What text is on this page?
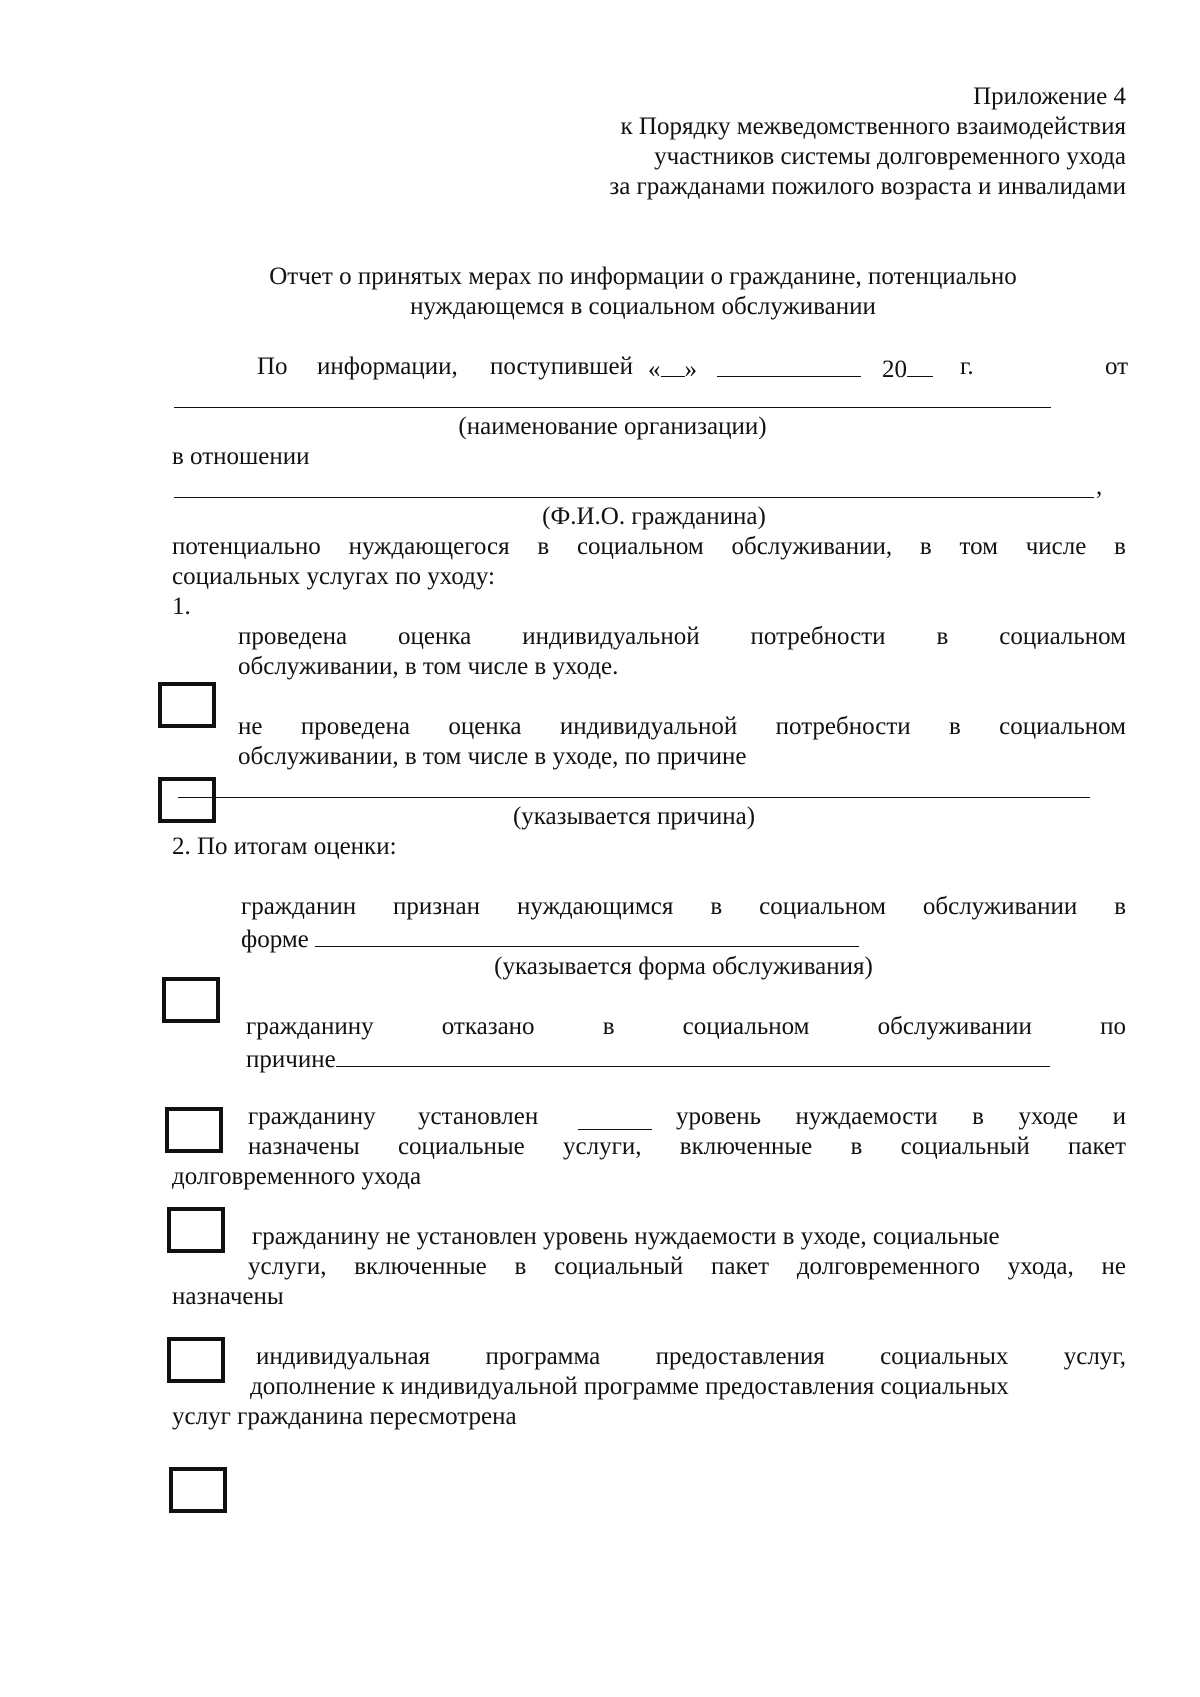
Приложение 4
к Порядку межведомственного взаимодействия
участников системы долговременного ухода
за гражданами пожилого возраста и инвалидами
Отчет о принятых мерах по информации о гражданине, потенциально
нуждающемся в социальном обслуживании
По информации, поступившей « »	20	г.	от
(наименование организации)
в отношении
,
(Ф.И.О. гражданина)
потенциально нуждающегося в социальном обслуживании, в том числе в
социальных услугах по уходу:
1.
проведена оценка индивидуальной потребности в социальном
обслуживании, в том числе в уходе.
не проведена оценка индивидуальной потребности в социальном
обслуживании, в том числе в уходе, по причине
(указывается причина)
2. По итогам оценки:
гражданин признан нуждающимся в социальном обслуживании в
форме
(указывается форма обслуживания)
гражданину	отказано	в	социальном	обслуживании	по
причине
гражданину установлен	уровень нуждаемости в уходе и
назначены социальные услуги, включенные в социальный пакет
долговременного ухода
гражданину не установлен уровень нуждаемости в уходе, социальные
услуги, включенные в социальный пакет долговременного ухода, не
назначены
индивидуальная программа предоставления социальных услуг,
дополнение к индивидуальной программе предоставления социальных
услуг гражданина пересмотрена
